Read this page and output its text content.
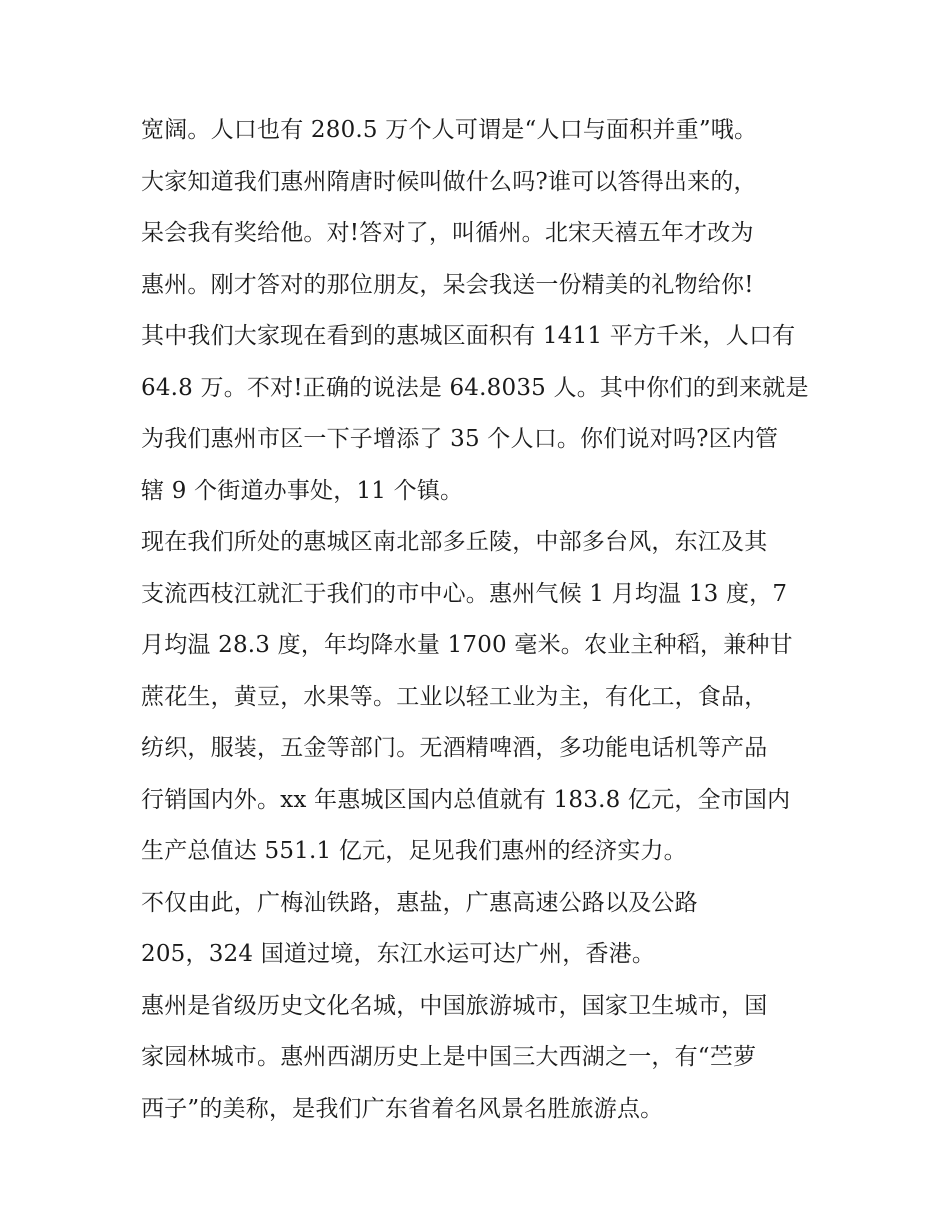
宽阔。人口也有 280.5 万个人可谓是“人口与面积并重”哦。
大家知道我们惠州隋唐时候叫做什么吗?谁可以答得出来的，
呆会我有奖给他。对!答对了，叫循州。北宋天禧五年才改为
惠州。刚才答对的那位朋友，呆会我送一份精美的礼物给你!
其中我们大家现在看到的惠城区面积有 1411 平方千米，人口有
64.8 万。不对!正确的说法是 64.8035 人。其中你们的到来就是
为我们惠州市区一下子增添了 35 个人口。你们说对吗?区内管
辖 9 个街道办事处，11 个镇。
现在我们所处的惠城区南北部多丘陵，中部多台风，东江及其
支流西枝江就汇于我们的市中心。惠州气候 1 月均温 13 度，7
月均温 28.3 度，年均降水量 1700 毫米。农业主种稻，兼种甘
蔗花生，黄豆，水果等。工业以轻工业为主，有化工，食品，
纺织，服装，五金等部门。无酒精啤酒，多功能电话机等产品
行销国内外。xx 年惠城区国内总值就有 183.8 亿元，全市国内
生产总值达 551.1 亿元，足见我们惠州的经济实力。
不仅由此，广梅汕铁路，惠盐，广惠高速公路以及公路
205，324 国道过境，东江水运可达广州，香港。
惠州是省级历史文化名城，中国旅游城市，国家卫生城市，国
家园林城市。惠州西湖历史上是中国三大西湖之一，有“苎萝
西子”的美称，是我们广东省着名风景名胜旅游点。
